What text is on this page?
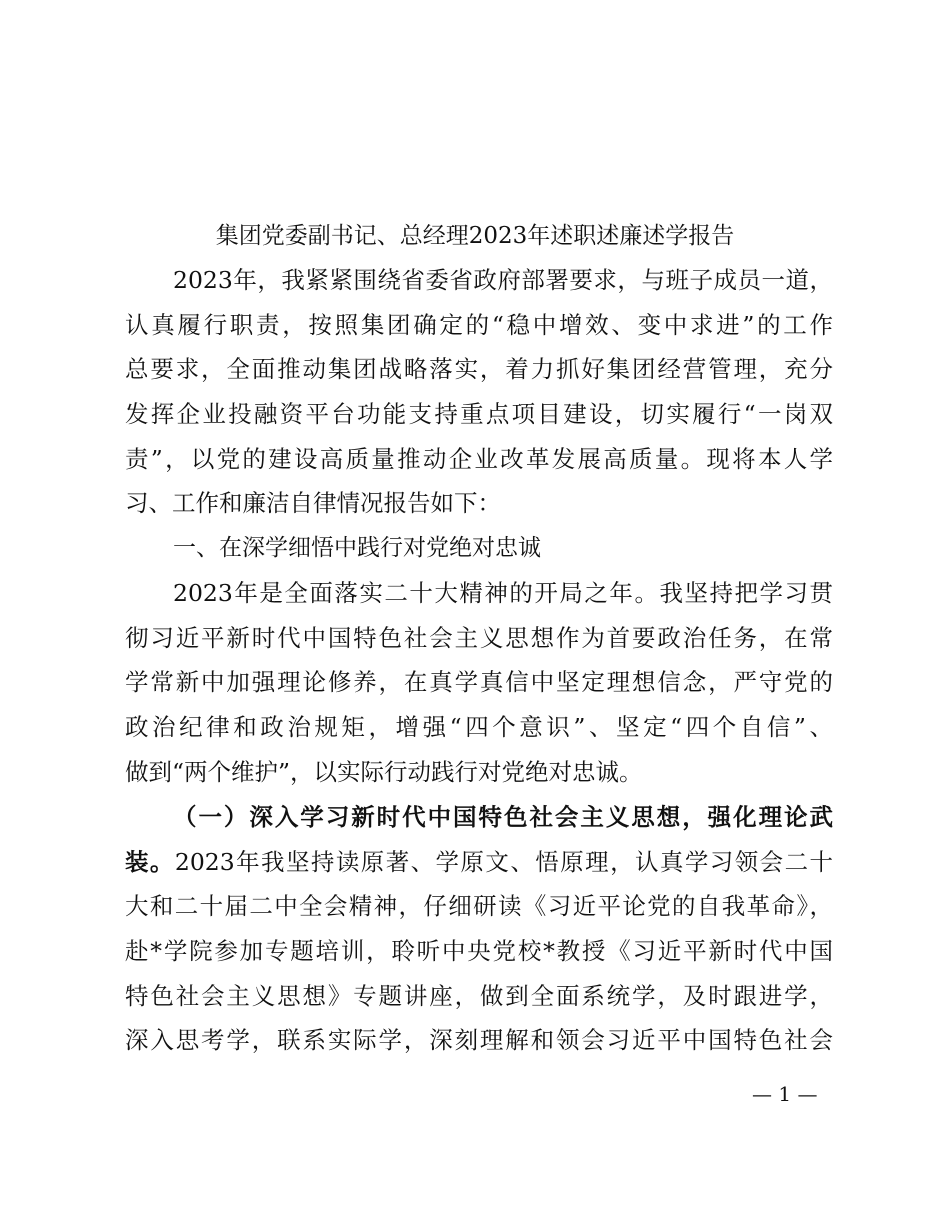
集团党委副书记、总经理2023年述职述廉述学报告
2023年，我紧紧围绕省委省政府部署要求，与班子成员一道，
认真履行职责，按照集团确定的“稳中增效、变中求进”的工作
总要求，全面推动集团战略落实，着力抓好集团经营管理，充分
发挥企业投融资平台功能支持重点项目建设，切实履行“一岗双
责”，以党的建设高质量推动企业改革发展高质量。现将本人学
习、工作和廉洁自律情况报告如下：
一、在深学细悟中践行对党绝对忠诚
2023年是全面落实二十大精神的开局之年。我坚持把学习贯
彻习近平新时代中国特色社会主义思想作为首要政治任务，在常
学常新中加强理论修养，在真学真信中坚定理想信念，严守党的
政治纪律和政治规矩，增强“四个意识”、坚定“四个自信”、
做到“两个维护”，以实际行动践行对党绝对忠诚。
（一）深入学习新时代中国特色社会主义思想，强化理论武
装。2023年我坚持读原著、学原文、悟原理，认真学习领会二十
大和二十届二中全会精神，仔细研读《习近平论党的自我革命》，
赴*学院参加专题培训，聆听中央党校*教授《习近平新时代中国
特色社会主义思想》专题讲座，做到全面系统学，及时跟进学，
深入思考学，联系实际学，深刻理解和领会习近平中国特色社会
— 1 —
